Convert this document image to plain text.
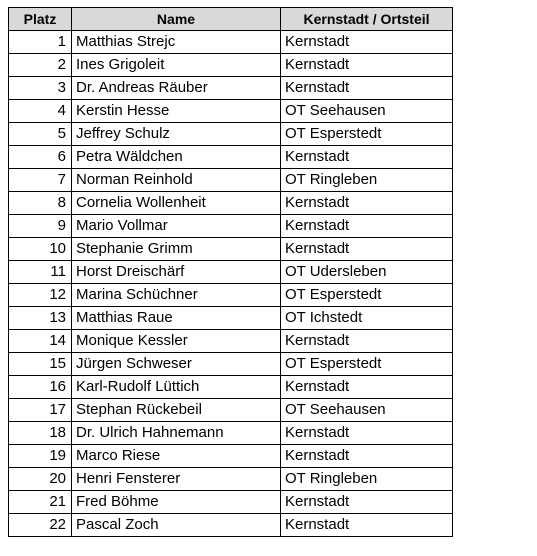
Platz	Name	Kernstadt / Ortsteil
1	Matthias Strejc	Kernstadt
2	Ines Grigoleit	Kernstadt
3	Dr. Andreas Räuber	Kernstadt
4	Kerstin Hesse	OT Seehausen
5	Jeffrey Schulz	OT Esperstedt
6	Petra Wäldchen	Kernstadt
7	Norman Reinhold	OT Ringleben
8	Cornelia Wollenheit	Kernstadt
9	Mario Vollmar	Kernstadt
10	Stephanie Grimm	Kernstadt
11	Horst Dreischärf	OT Udersleben
12	Marina Schüchner	OT Esperstedt
13	Matthias Raue	OT Ichstedt
14	Monique Kessler	Kernstadt
15	Jürgen Schweser	OT Esperstedt
16	Karl-Rudolf Lüttich	Kernstadt
17	Stephan Rückebeil	OT Seehausen
18	Dr. Ulrich Hahnemann	Kernstadt
19	Marco Riese	Kernstadt
20	Henri Fensterer	OT Ringleben
21	Fred Böhme	Kernstadt
22	Pascal Zoch	Kernstadt
